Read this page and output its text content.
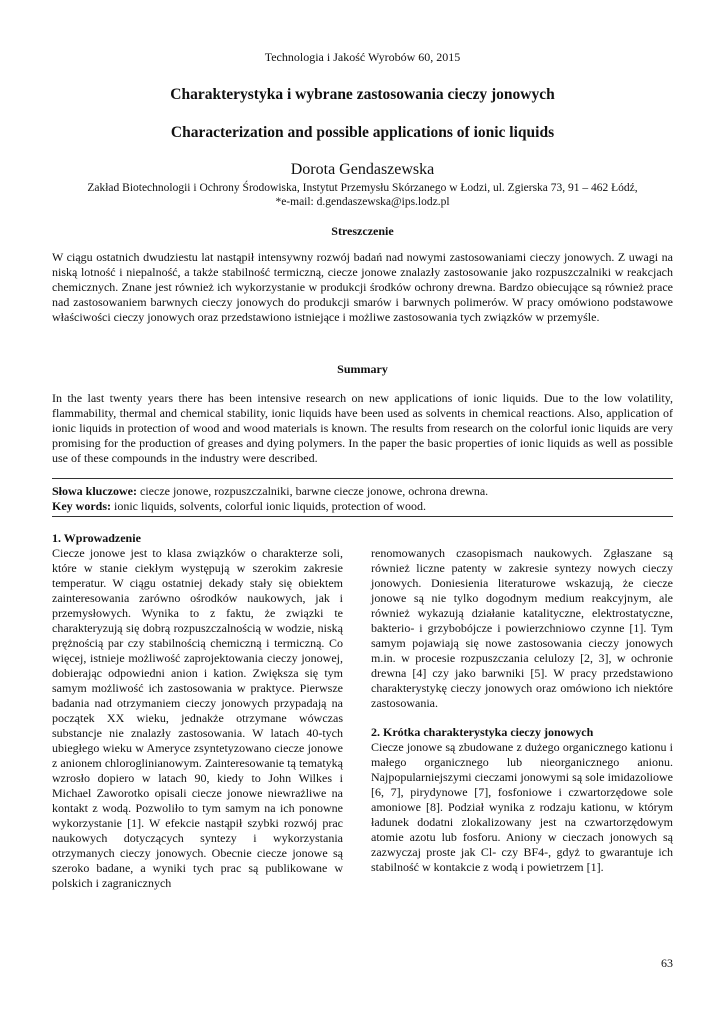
Technologia i Jakość Wyrobów 60, 2015
Charakterystyka i wybrane zastosowania cieczy jonowych
Characterization and possible applications of ionic liquids
Dorota Gendaszewska
Zakład Biotechnologii i Ochrony Środowiska, Instytut Przemysłu Skórzanego w Łodzi, ul. Zgierska 73, 91 – 462 Łódź,
*e-mail: d.gendaszewska@ips.lodz.pl
Streszczenie
W ciągu ostatnich dwudziestu lat nastąpił intensywny rozwój badań nad nowymi zastosowaniami cieczy jonowych. Z uwagi na niską lotność i niepalność, a także stabilność termiczną, ciecze jonowe znalazły zastosowanie jako rozpuszczalniki w reakcjach chemicznych. Znane jest również ich wykorzystanie w produkcji środków ochrony drewna. Bardzo obiecujące są również prace nad zastosowaniem barwnych cieczy jonowych do produkcji smarów i barwnych polimerów. W pracy omówiono podstawowe właściwości cieczy jonowych oraz przedstawiono istniejące i możliwe zastosowania tych związków w przemyśle.
Summary
In the last twenty years there has been intensive research on new applications of ionic liquids. Due to the low volatility, flammability, thermal and chemical stability, ionic liquids have been used as solvents in chemical reactions. Also, application of ionic liquids in protection of wood and wood materials is known. The results from research on the colorful ionic liquids are very promising for the production of greases and dying polymers. In the paper the basic properties of ionic liquids as well as possible use of these compounds in the industry were described.
Słowa kluczowe: ciecze jonowe, rozpuszczalniki, barwne ciecze jonowe, ochrona drewna.
Key words: ionic liquids, solvents, colorful ionic liquids, protection of wood.

1. Wprowadzenie

Ciecze jonowe jest to klasa związków o charakterze soli, które w stanie ciekłym występują w szerokim zakresie temperatur. W ciągu ostatniej dekady stały się obiektem zainteresowania zarówno ośrodków naukowych, jak i przemysłowych. Wynika to z faktu, że związki te charakteryzują się dobrą rozpuszczalnością w wodzie, niską prężnością par czy stabilnością chemiczną i termiczną. Co więcej, istnieje możliwość zaprojektowania cieczy jonowej, dobierając odpowiedni anion i kation. Zwiększa się tym samym możliwość ich zastosowania w praktyce. Pierwsze badania nad otrzymaniem cieczy jonowych przypadają na początek XX wieku, jednakże otrzymane wówczas substancje nie znalazły zastosowania. W latach 40-tych ubiegłego wieku w Ameryce zsyntetyzowano ciecze jonowe z anionem chloroglinianowym. Zainteresowanie tą tematyką wzrosło dopiero w latach 90, kiedy to John Wilkes i Michael Zaworotko opisali ciecze jonowe niewrażliwe na kontakt z wodą. Pozwoliło to tym samym na ich ponowne wykorzystanie [1]. W efekcie nastąpił szybki rozwój prac naukowych dotyczących syntezy i wykorzystania otrzymanych cieczy jonowych. Obecnie ciecze jonowe są szeroko badane, a wyniki tych prac są publikowane w polskich i zagranicznych

renomowanych czasopismach naukowych. Zgłaszane są również liczne patenty w zakresie syntezy nowych cieczy jonowych. Doniesienia literaturowe wskazują, że ciecze jonowe są nie tylko dogodnym medium reakcyjnym, ale również wykazują działanie katalityczne, elektrostatyczne, bakterio- i grzybobójcze i powierzchniowo czynne [1]. Tym samym pojawiają się nowe zastosowania cieczy jonowych m.in. w procesie rozpuszczania celulozy [2, 3], w ochronie drewna [4] czy jako barwniki [5]. W pracy przedstawiono charakterystykę cieczy jonowych oraz omówiono ich niektóre zastosowania.

2. Krótka charakterystyka cieczy jonowych

Ciecze jonowe są zbudowane z dużego organicznego kationu i małego organicznego lub nieorganicznego anionu. Najpopularniejszymi cieczami jonowymi są sole imidazoliowe [6, 7], pirydynowe [7], fosfoniowe i czwartorzędowe sole amoniowe [8]. Podział wynika z rodzaju kationu, w którym ładunek dodatni zlokalizowany jest na czwartorzędowym atomie azotu lub fosforu. Aniony w cieczach jonowych są zazwyczaj proste jak Cl- czy BF4-, gdyż to gwarantuje ich stabilność w kontakcie z wodą i powietrzem [1].

63
